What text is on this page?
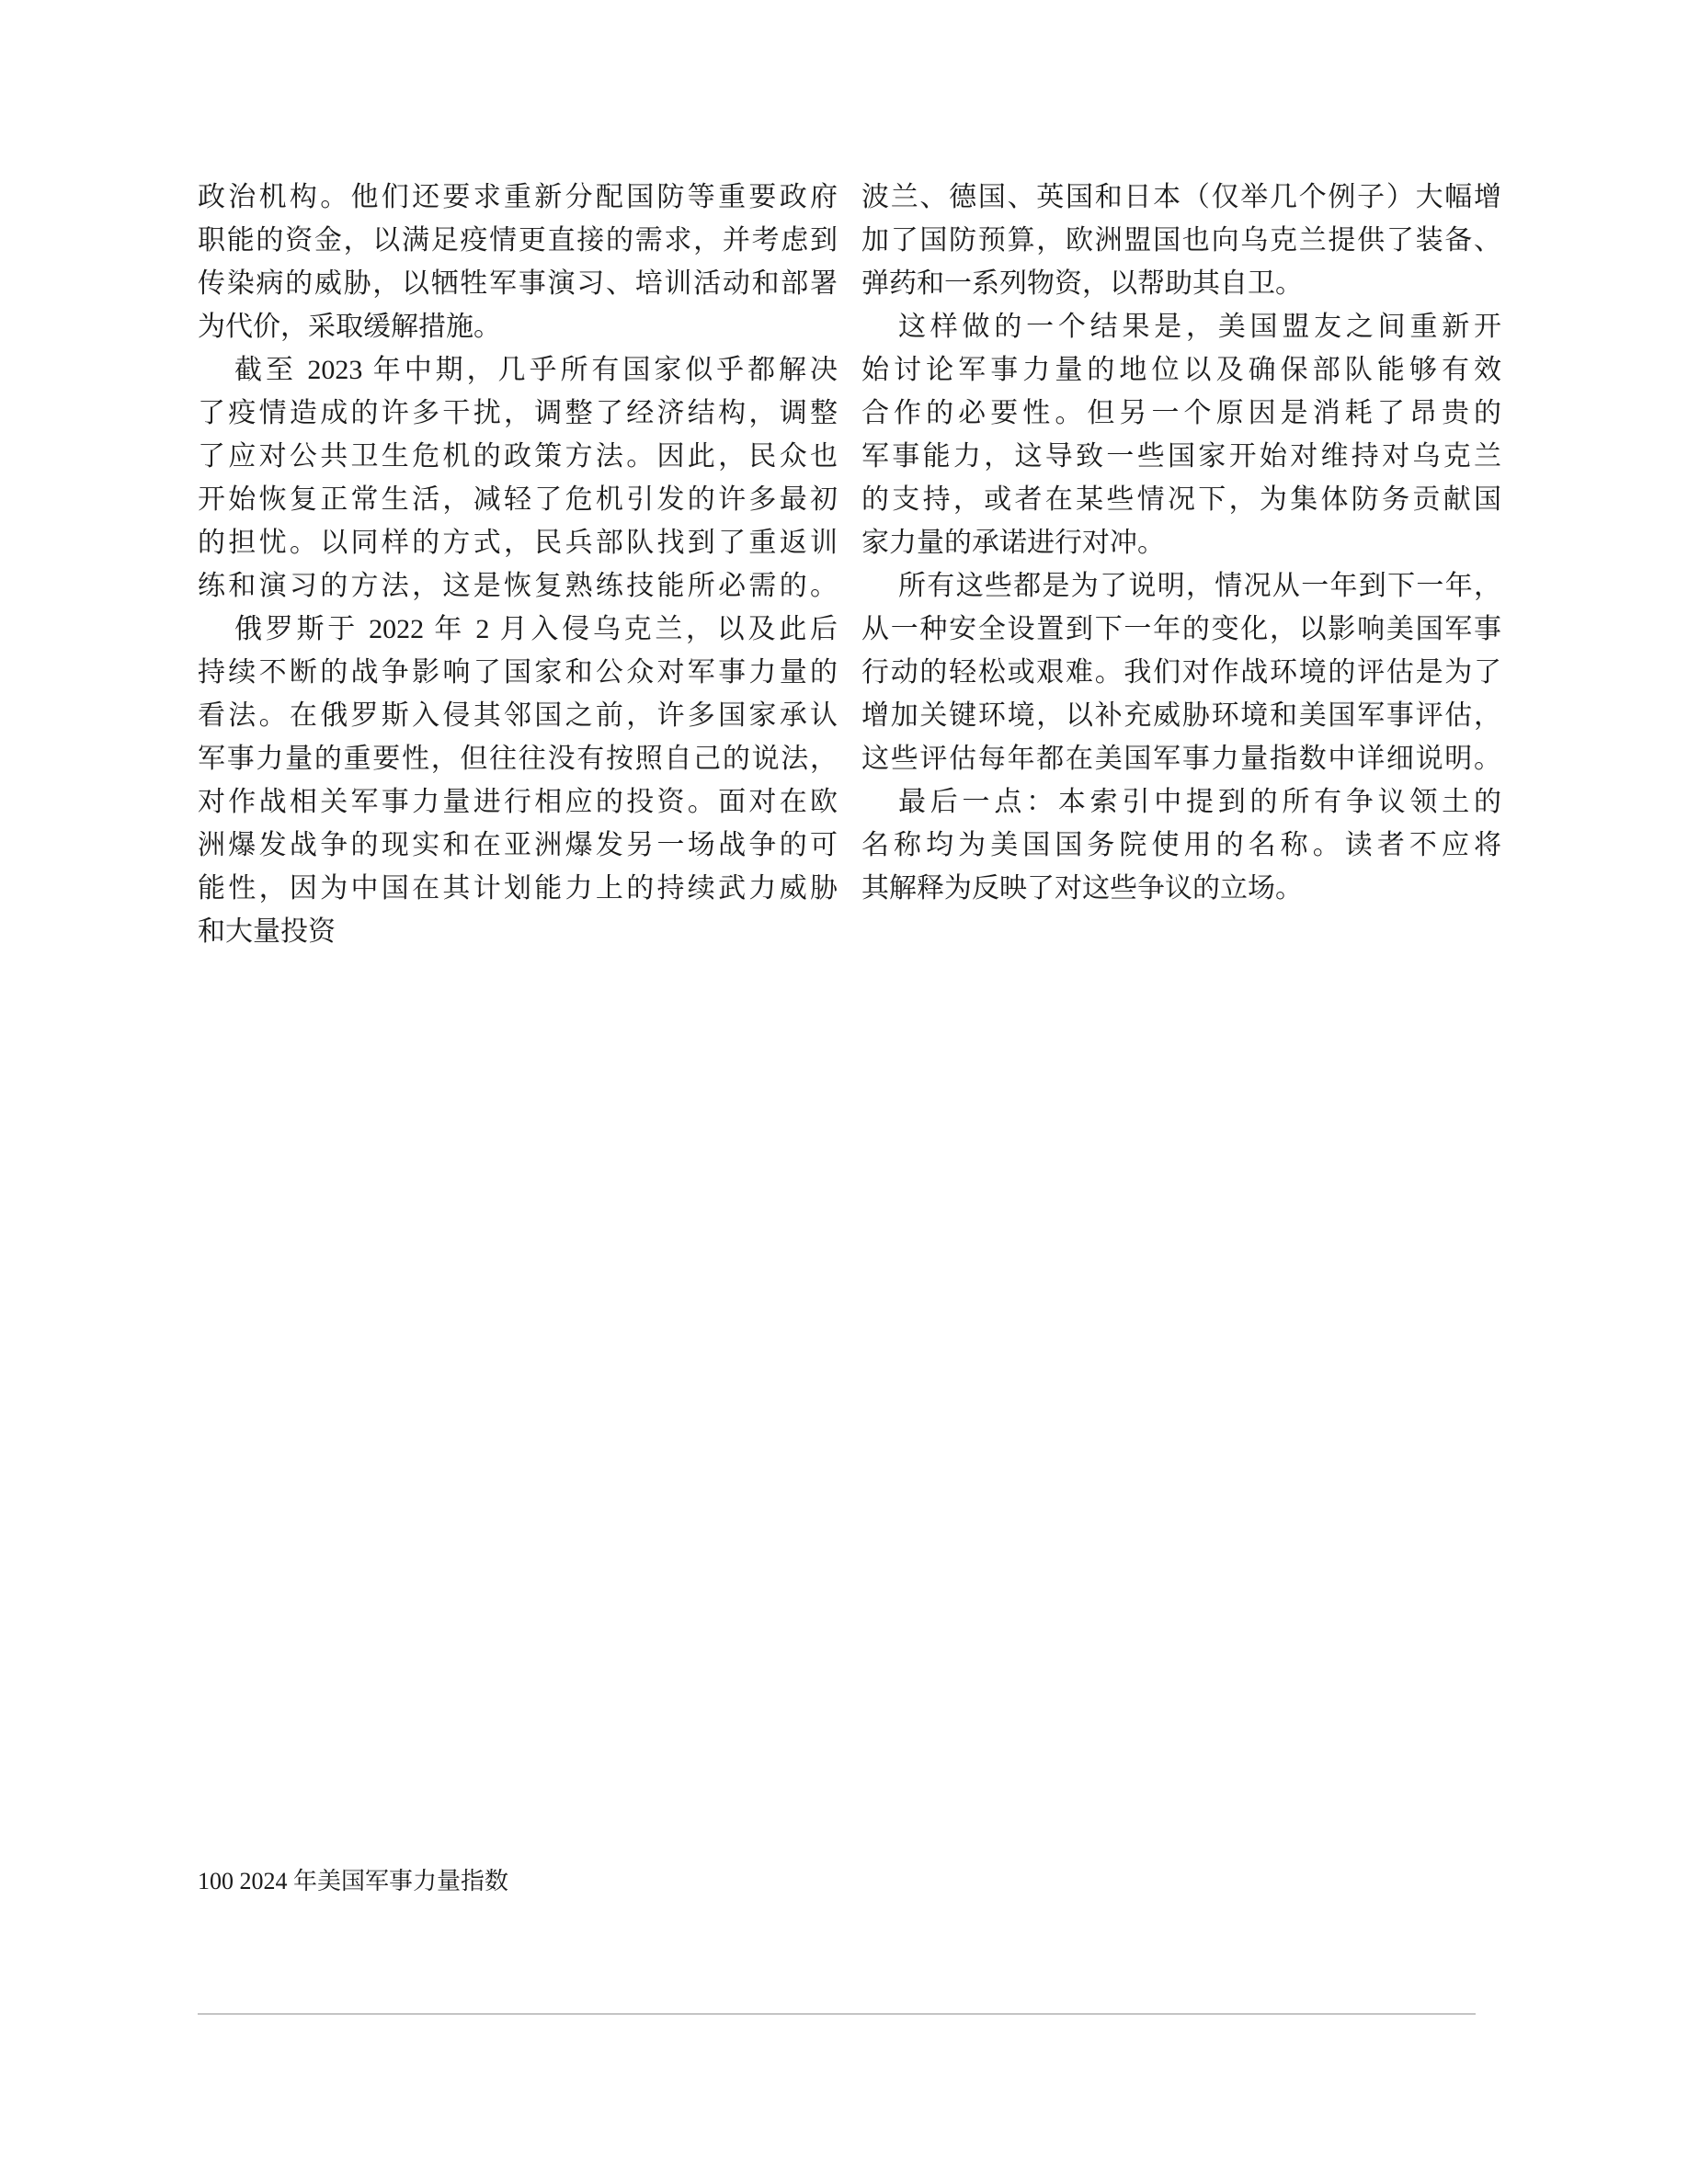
政治机构。他们还要求重新分配国防等重要政府
职能的资金，以满足疫情更直接的需求，并考虑到
传染病的威胁，以牺牲军事演习、培训活动和部署
为代价，采取缓解措施。
截至 2023 年中期，几乎所有国家似乎都解决
了疫情造成的许多干扰，调整了经济结构，调整
了应对公共卫生危机的政策方法。因此，民众也
开始恢复正常生活，减轻了危机引发的许多最初
的担忧。以同样的方式，民兵部队找到了重返训
练和演习的方法，这是恢复熟练技能所必需的。
俄罗斯于 2022 年 2 月入侵乌克兰，以及此后
持续不断的战争影响了国家和公众对军事力量的
看法。在俄罗斯入侵其邻国之前，许多国家承认
军事力量的重要性，但往往没有按照自己的说法，
对作战相关军事力量进行相应的投资。面对在欧
洲爆发战争的现实和在亚洲爆发另一场战争的可
能性，因为中国在其计划能力上的持续武力威胁
和大量投资
波兰、德国、英国和日本（仅举几个例子）大幅增
加了国防预算，欧洲盟国也向乌克兰提供了装备、
弹药和一系列物资，以帮助其自卫。
这样做的一个结果是，美国盟友之间重新开
始讨论军事力量的地位以及确保部队能够有效
合作的必要性。但另一个原因是消耗了昂贵的
军事能力，这导致一些国家开始对维持对乌克兰
的支持，或者在某些情况下，为集体防务贡献国
家力量的承诺进行对冲。
所有这些都是为了说明，情况从一年到下一年，
从一种安全设置到下一年的变化，以影响美国军事
行动的轻松或艰难。我们对作战环境的评估是为了
增加关键环境，以补充威胁环境和美国军事评估，
这些评估每年都在美国军事力量指数中详细说明。
最后一点：本索引中提到的所有争议领土的
名称均为美国国务院使用的名称。读者不应将
其解释为反映了对这些争议的立场。
100 2024 年美国军事力量指数
